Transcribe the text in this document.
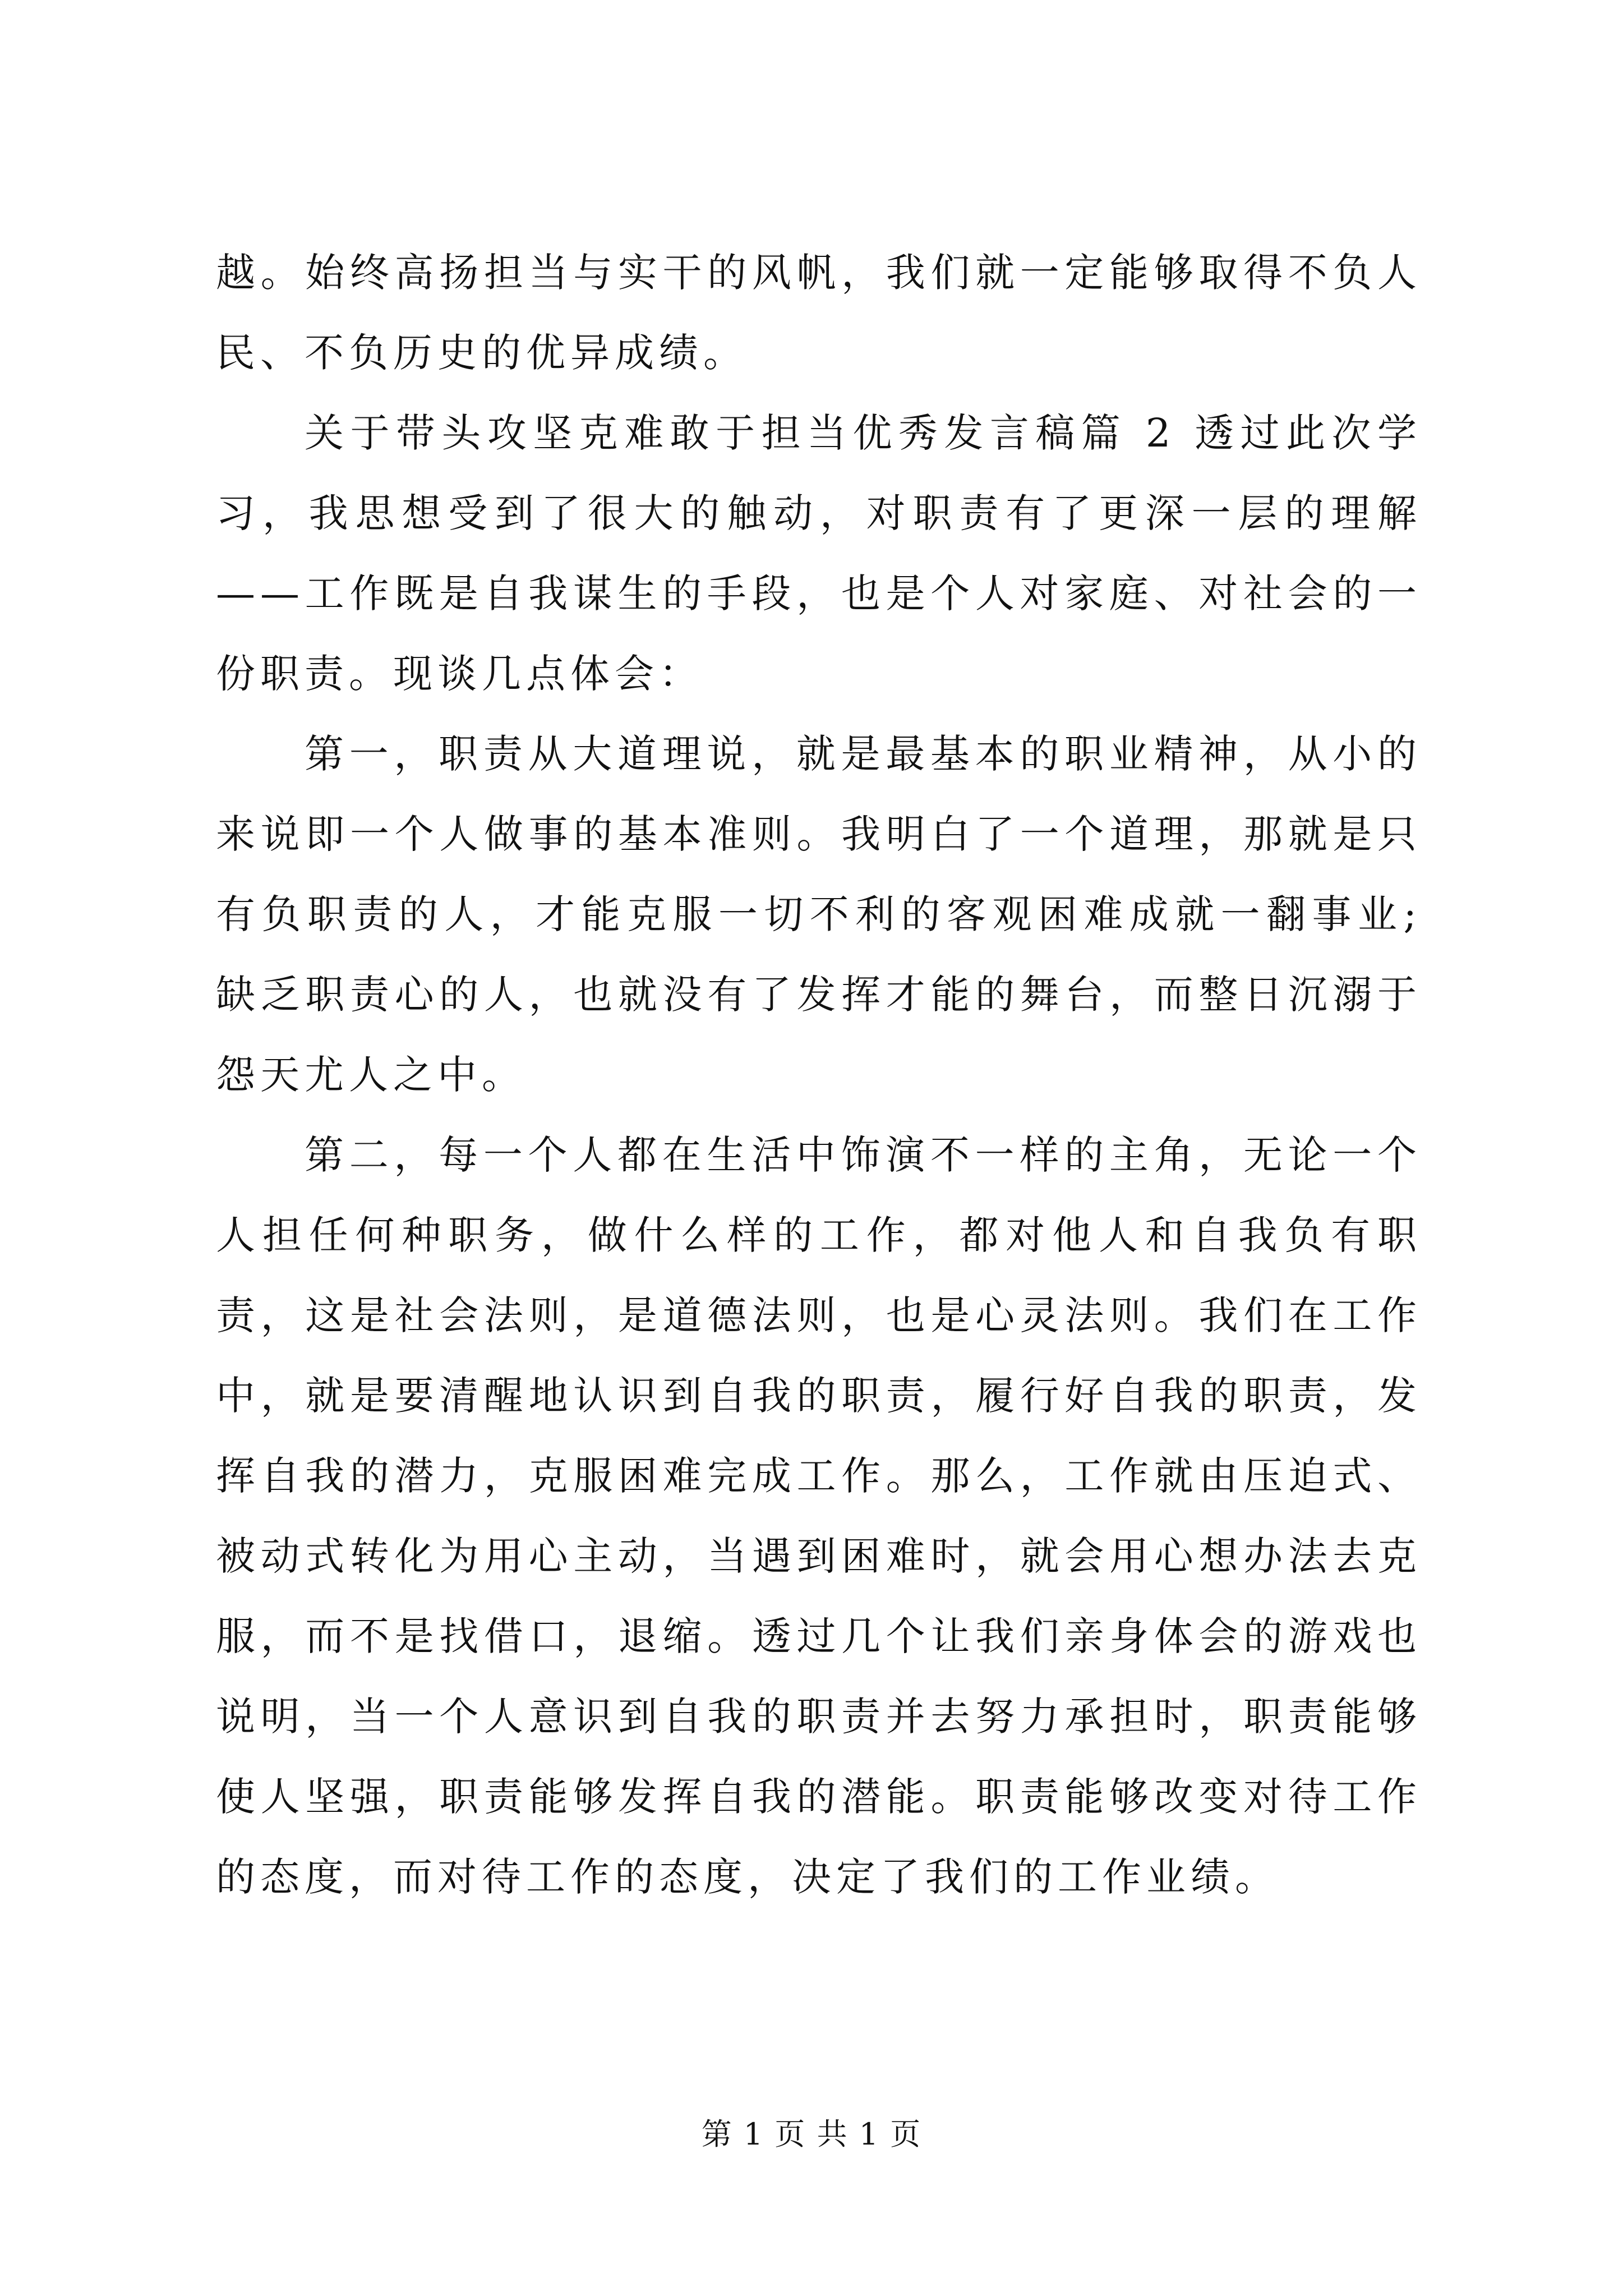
越。始终高扬担当与实干的风帆，我们就一定能够取得不负人民、不负历史的优异成绩。

关于带头攻坚克难敢于担当优秀发言稿篇 2 透过此次学习，我思想受到了很大的触动，对职责有了更深一层的理解——工作既是自我谋生的手段，也是个人对家庭、对社会的一份职责。现谈几点体会：

第一，职责从大道理说，就是最基本的职业精神，从小的来说即一个人做事的基本准则。我明白了一个道理，那就是只有负职责的人，才能克服一切不利的客观困难成就一翻事业;缺乏职责心的人，也就没有了发挥才能的舞台，而整日沉溺于怨天尤人之中。

第二，每一个人都在生活中饰演不一样的主角，无论一个人担任何种职务，做什么样的工作，都对他人和自我负有职责，这是社会法则，是道德法则，也是心灵法则。我们在工作中，就是要清醒地认识到自我的职责，履行好自我的职责，发挥自我的潜力，克服困难完成工作。那么，工作就由压迫式、被动式转化为用心主动，当遇到困难时，就会用心想办法去克服，而不是找借口，退缩。透过几个让我们亲身体会的游戏也说明，当一个人意识到自我的职责并去努力承担时，职责能够使人坚强，职责能够发挥自我的潜能。职责能够改变对待工作的态度，而对待工作的态度，决定了我们的工作业绩。

第 1 页 共 1 页
